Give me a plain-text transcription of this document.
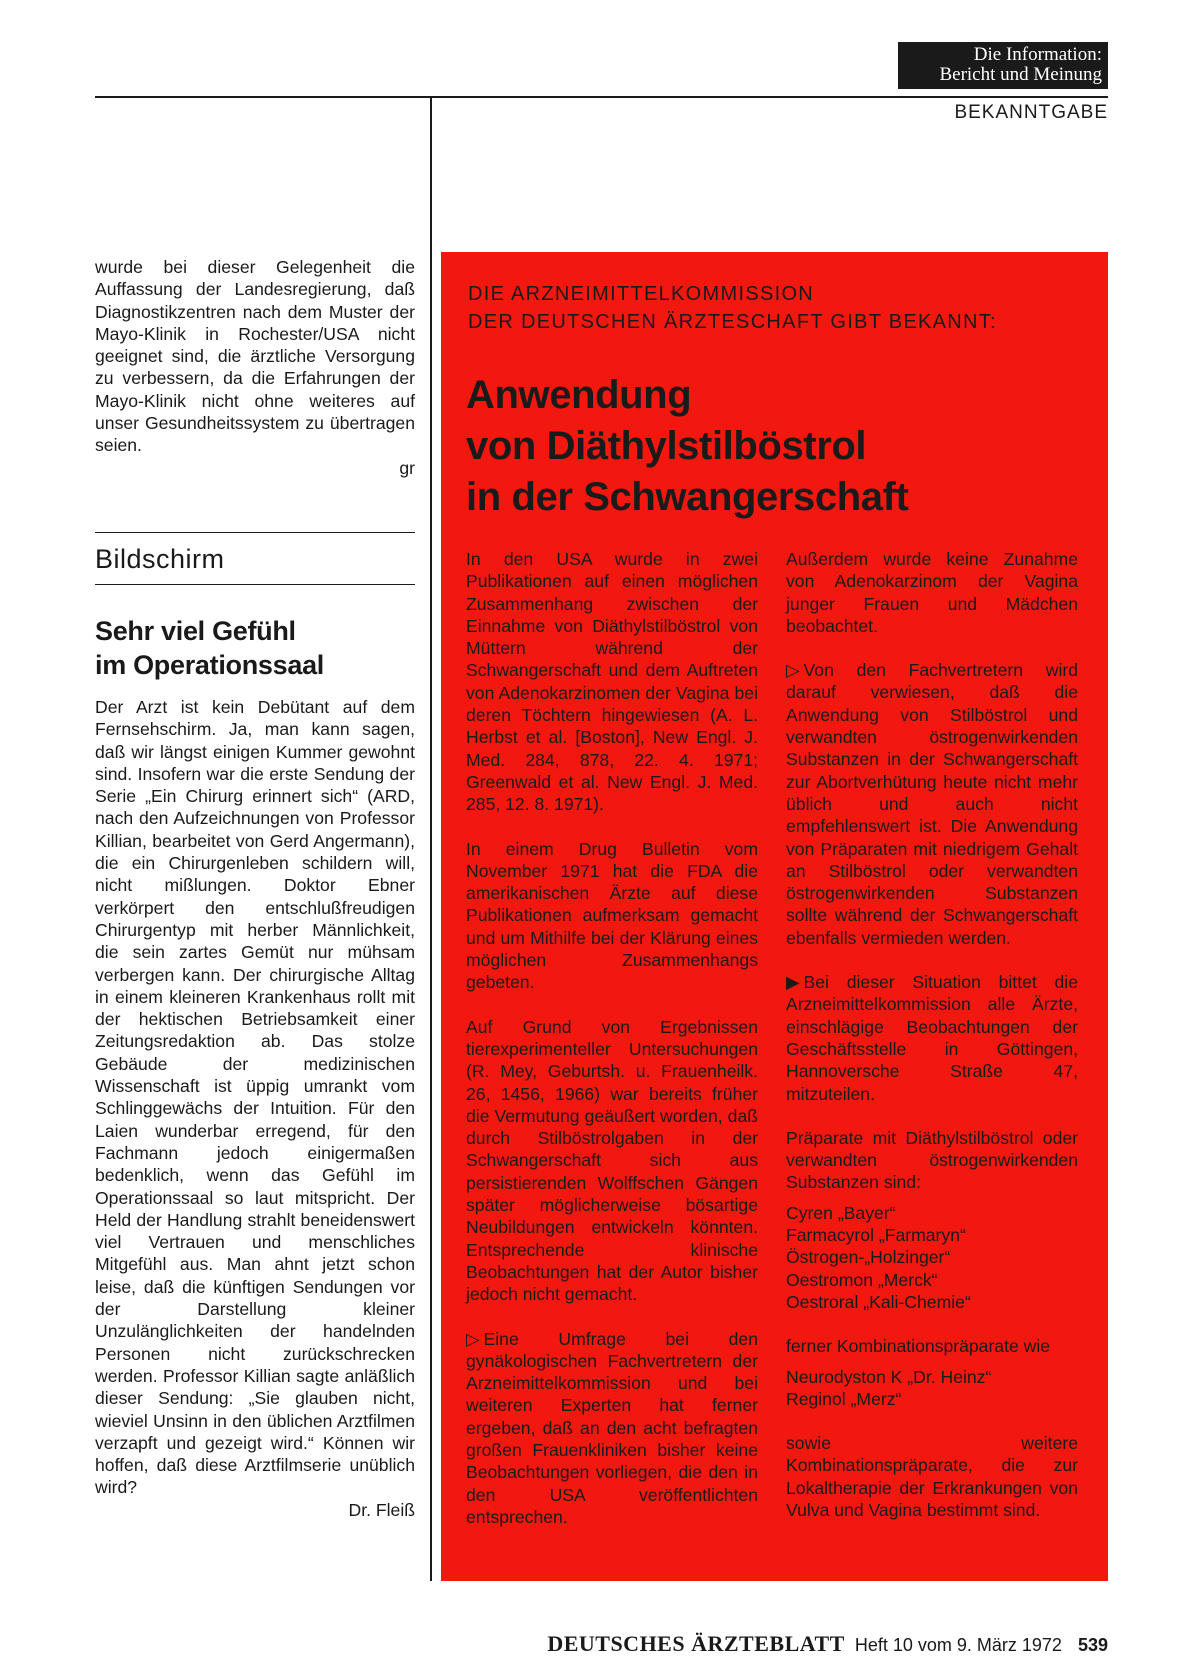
Die Information:
Bericht und Meinung
BEKANNTGABE

wurde bei dieser Gelegenheit die Auffassung der Landesregierung, daß Diagnostikzentren nach dem Muster der Mayo-Klinik in Rochester/USA nicht geeignet sind, die ärztliche Versorgung zu verbessern, da die Erfahrungen der Mayo-Klinik nicht ohne weiteres auf unser Gesundheitssystem zu übertragen seien.

gr
Bildschirm
Sehr viel Gefühl
im Operationssaal

Der Arzt ist kein Debütant auf dem Fernsehschirm. Ja, man kann sagen, daß wir längst einigen Kummer gewohnt sind. Insofern war die erste Sendung der Serie „Ein Chirurg erinnert sich“ (ARD, nach den Aufzeichnungen von Professor Killian, bearbeitet von Gerd Angermann), die ein Chirurgenleben schildern will, nicht mißlungen. Doktor Ebner verkörpert den entschlußfreudigen Chirurgentyp mit herber Männlichkeit, die sein zartes Gemüt nur mühsam verbergen kann. Der chirurgische Alltag in einem kleineren Krankenhaus rollt mit der hektischen Betriebsamkeit einer Zeitungsredaktion ab. Das stolze Gebäude der medizinischen Wissenschaft ist üppig umrankt vom Schlinggewächs der Intuition. Für den Laien wunderbar erregend, für den Fachmann jedoch einigermaßen bedenklich, wenn das Gefühl im Operationssaal so laut mitspricht. Der Held der Handlung strahlt beneidenswert viel Vertrauen und menschliches Mitgefühl aus. Man ahnt jetzt schon leise, daß die künftigen Sendungen vor der Darstellung kleiner Unzulänglichkeiten der handelnden Personen nicht zurückschrecken werden. Professor Killian sagte anläßlich dieser Sendung: „Sie glauben nicht, wieviel Unsinn in den üblichen Arztfilmen verzapft und gezeigt wird.“ Können wir hoffen, daß diese Arztfilmserie unüblich wird?

Dr. Fleiß
DIE ARZNEIMITTELKOMMISSION
DER DEUTSCHEN ÄRZTESCHAFT GIBT BEKANNT:
Anwendung
von Diäthylstilböstrol
in der Schwangerschaft

In den USA wurde in zwei Publikationen auf einen möglichen Zusammenhang zwischen der Einnahme von Diäthylstilböstrol von Müttern während der Schwangerschaft und dem Auftreten von Adenokarzinomen der Vagina bei deren Töchtern hingewiesen (A. L. Herbst et al. [Boston], New Engl. J. Med. 284, 878, 22. 4. 1971; Greenwald et al. New Engl. J. Med. 285, 12. 8. 1971).

In einem Drug Bulletin vom November 1971 hat die FDA die amerikanischen Ärzte auf diese Publikationen aufmerksam gemacht und um Mithilfe bei der Klärung eines möglichen Zusammenhangs gebeten.

Auf Grund von Ergebnissen tierexperimenteller Untersuchungen (R. Mey, Geburtsh. u. Frauenheilk. 26, 1456, 1966) war bereits früher die Vermutung geäußert worden, daß durch Stilböstrolgaben in der Schwangerschaft sich aus persistierenden Wolffschen Gängen später möglicherweise bösartige Neubildungen entwickeln könnten. Entsprechende klinische Beobachtungen hat der Autor bisher jedoch nicht gemacht.

▷ Eine Umfrage bei den gynäkologischen Fachvertretern der Arzneimittelkommission und bei weiteren Experten hat ferner ergeben, daß an den acht befragten großen Frauenkliniken bisher keine Beobachtungen vorliegen, die den in den USA veröffentlichten entsprechen.

Außerdem wurde keine Zunahme von Adenokarzinom der Vagina junger Frauen und Mädchen beobachtet.

▷ Von den Fachvertretern wird darauf verwiesen, daß die Anwendung von Stilböstrol und verwandten östrogenwirkenden Substanzen in der Schwangerschaft zur Abortverhütung heute nicht mehr üblich und auch nicht empfehlenswert ist. Die Anwendung von Präparaten mit niedrigem Gehalt an Stilböstrol oder verwandten östrogenwirkenden Substanzen sollte während der Schwangerschaft ebenfalls vermieden werden.

▶ Bei dieser Situation bittet die Arzneimittelkommission alle Ärzte, einschlägige Beobachtungen der Geschäftsstelle in Göttingen, Hannoversche Straße 47, mitzuteilen.

Präparate mit Diäthylstilböstrol oder verwandten östrogenwirkenden Substanzen sind:

Cyren „Bayer“
Farmacyrol „Farmaryn“
Östrogen-„Holzinger“
Oestromon „Merck“
Oestroral „Kali-Chemie“

ferner Kombinationspräparate wie

Neurodyston K „Dr. Heinz“
Reginol „Merz“

sowie weitere Kombinationspräparate, die zur Lokaltherapie der Erkrankungen von Vulva und Vagina bestimmt sind.

DEUTSCHES ÄRZTEBLATT Heft 10 vom 9. März 1972 539
